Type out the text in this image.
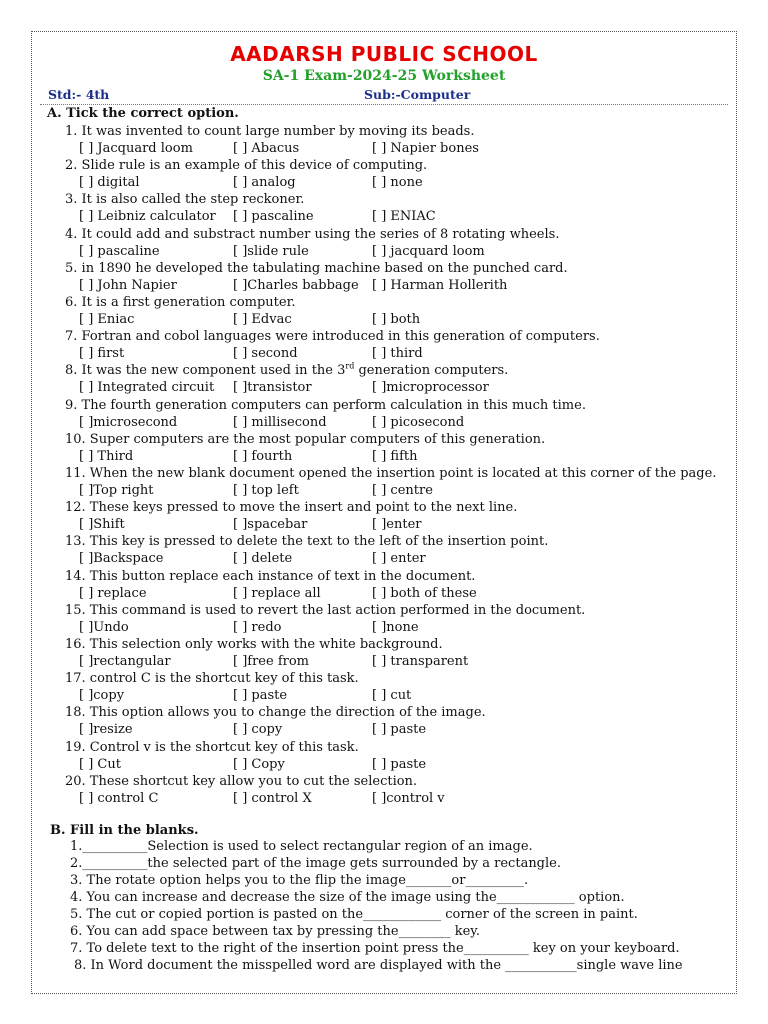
AADARSH PUBLIC SCHOOL
SA-1 Exam-2024-25 Worksheet
Std:- 4th	Sub:-Computer
A. Tick the correct option.
1. It was invented to count large number by moving its beads.
[ ] Jacquard loom	[ ] Abacus	[ ] Napier bones
2. Slide rule is an example of this device of computing.
[ ] digital	[ ] analog	[ ] none
3. It is also called the step reckoner.
[ ] Leibniz calculator [ ] pascaline	[ ] ENIAC
4. It could add and substract number using the series of 8 rotating wheels.
[ ] pascaline	[ ]slide rule	[ ] jacquard loom
5. in 1890 he developed the tabulating machine based on the punched card.
[ ] John Napier	[ ]Charles babbage [ ] Harman Hollerith
6. It is a first generation computer.
[ ] Eniac	[ ] Edvac	[ ] both
7. Fortran and cobol languages were introduced in this generation of computers.
[ ] first	[ ] second	[ ] third
8. It was the new component used in the 3rd generation computers.
[ ] Integrated circuit [ ]transistor	[ ]microprocessor
9. The fourth generation computers can perform calculation in this much time.
[ ]microsecond	[ ] millisecond	[ ] picosecond
10. Super computers are the most popular computers of this generation.
[ ] Third	[ ] fourth	[ ] fifth
11. When the new blank document opened the insertion point is located at this corner of the page.
[ ]Top right	[ ] top left	[ ] centre
12. These keys pressed to move the insert and point to the next line.
[ ]Shift	[ ]spacebar	[ ]enter
13. This key is pressed to delete the text to the left of the insertion point.
[ ]Backspace	[ ] delete	[ ] enter
14. This button replace each instance of text in the document.
[ ] replace	[ ] replace all	[ ] both of these
15. This command is used to revert the last action performed in the document.
[ ]Undo	[ ] redo	[ ]none
16. This selection only works with the white background.
[ ]rectangular	[ ]free from	[ ] transparent
17. control C is the shortcut key of this task.
[ ]copy	[ ] paste	[ ] cut
18. This option allows you to change the direction of the image.
[ ]resize	[ ] copy	[ ] paste
19. Control v is the shortcut key of this task.
[ ] Cut	[ ] Copy	[ ] paste
20. These shortcut key allow you to cut the selection.
[ ] control C	[ ] control X	[ ]control v
B. Fill in the blanks.
1.__________Selection is used to select rectangular region of an image.
2.__________the selected part of the image gets surrounded by a rectangle.
3. The rotate option helps you to the flip the image_______or_________.
4. You can increase and decrease the size of the image using the____________ option.
5. The cut or copied portion is pasted on the____________ corner of the screen in paint.
6. You can add space between tax by pressing the________ key.
7. To delete text to the right of the insertion point press the__________ key on your keyboard.
8. In Word document the misspelled word are displayed with the ___________single wave line
